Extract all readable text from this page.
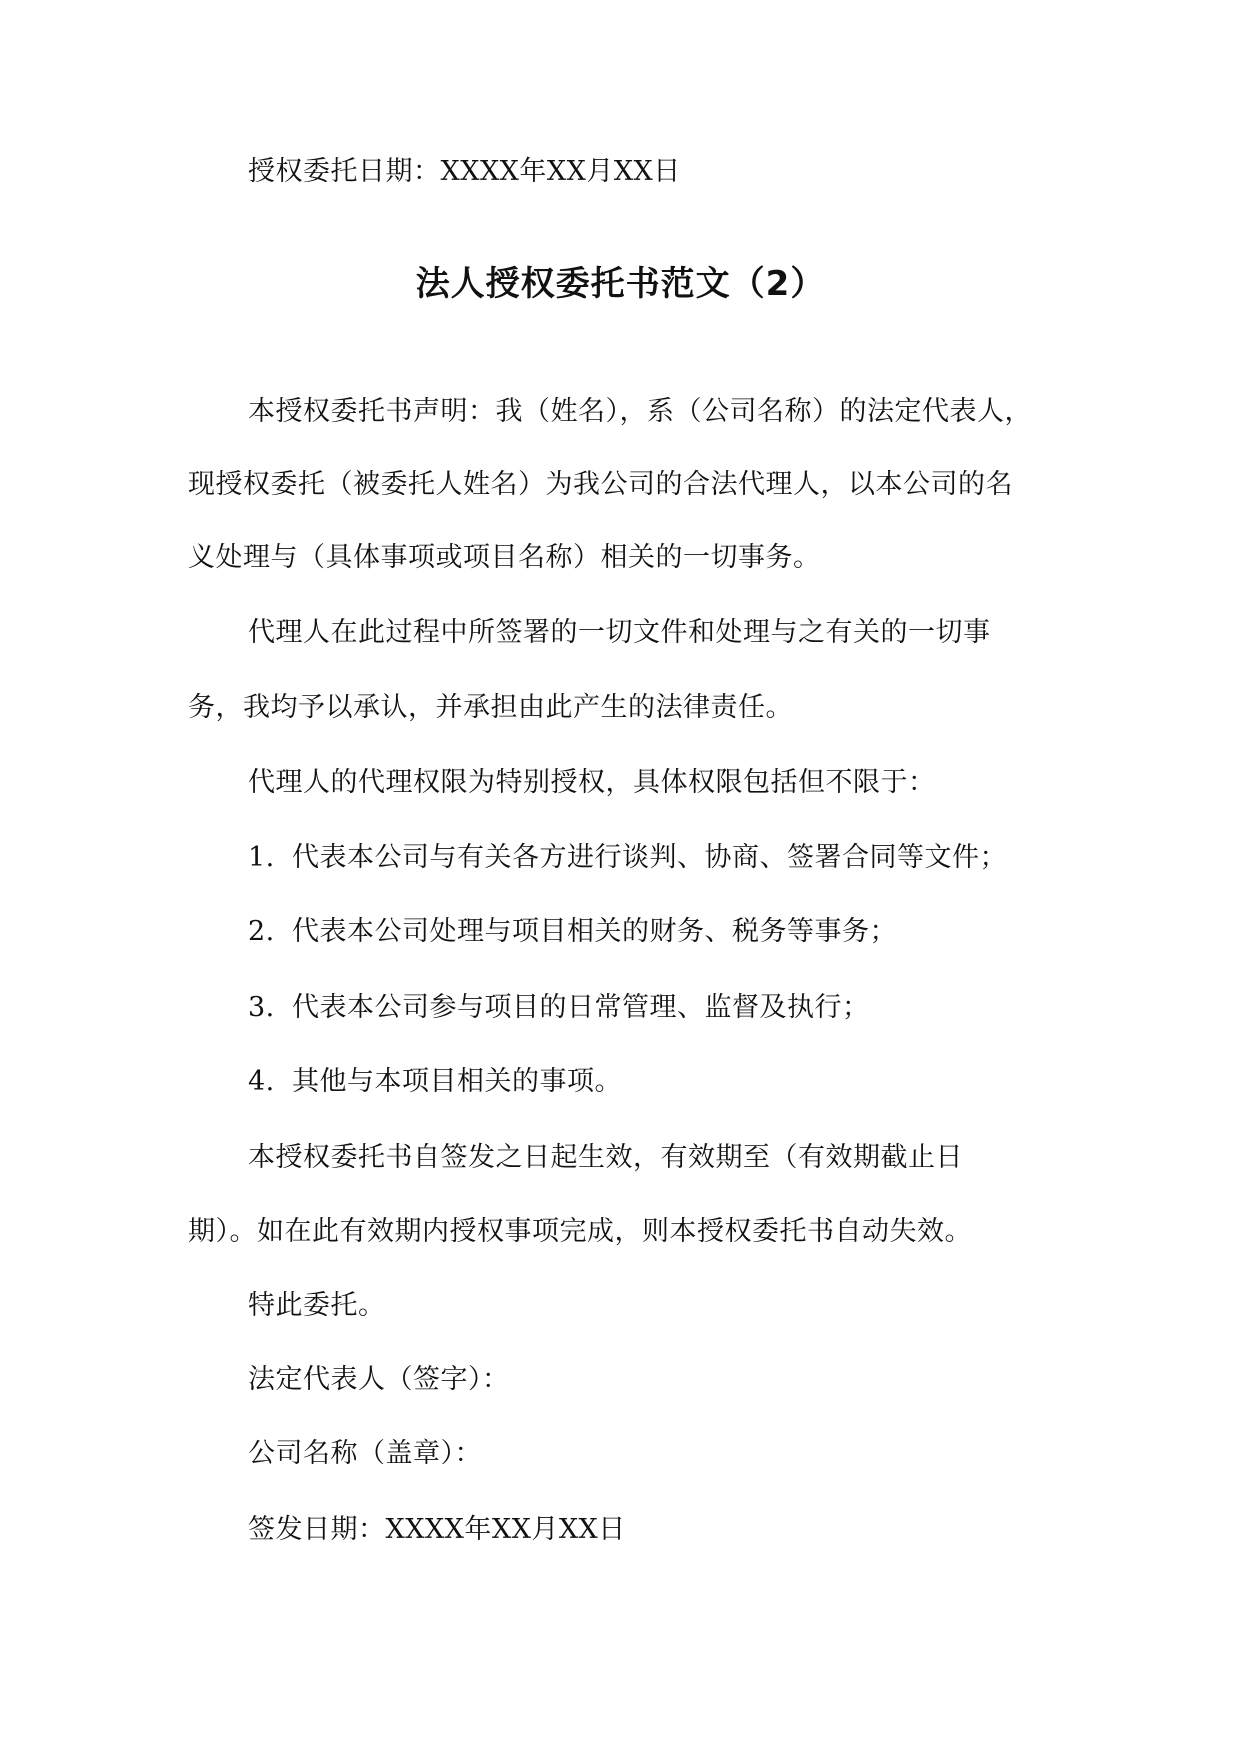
授权委托日期：XXXX年XX月XX日
法人授权委托书范文（2）
本授权委托书声明：我（姓名），系（公司名称）的法定代表人，
现授权委托（被委托人姓名）为我公司的合法代理人，以本公司的名
义处理与（具体事项或项目名称）相关的一切事务。
代理人在此过程中所签署的一切文件和处理与之有关的一切事
务，我均予以承认，并承担由此产生的法律责任。
代理人的代理权限为特别授权，具体权限包括但不限于：
1. 代表本公司与有关各方进行谈判、协商、签署合同等文件；
2. 代表本公司处理与项目相关的财务、税务等事务；
3. 代表本公司参与项目的日常管理、监督及执行；
4. 其他与本项目相关的事项。
本授权委托书自签发之日起生效，有效期至（有效期截止日
期）。如在此有效期内授权事项完成，则本授权委托书自动失效。
特此委托。
法定代表人（签字）：
公司名称（盖章）：
签发日期：XXXX年XX月XX日
